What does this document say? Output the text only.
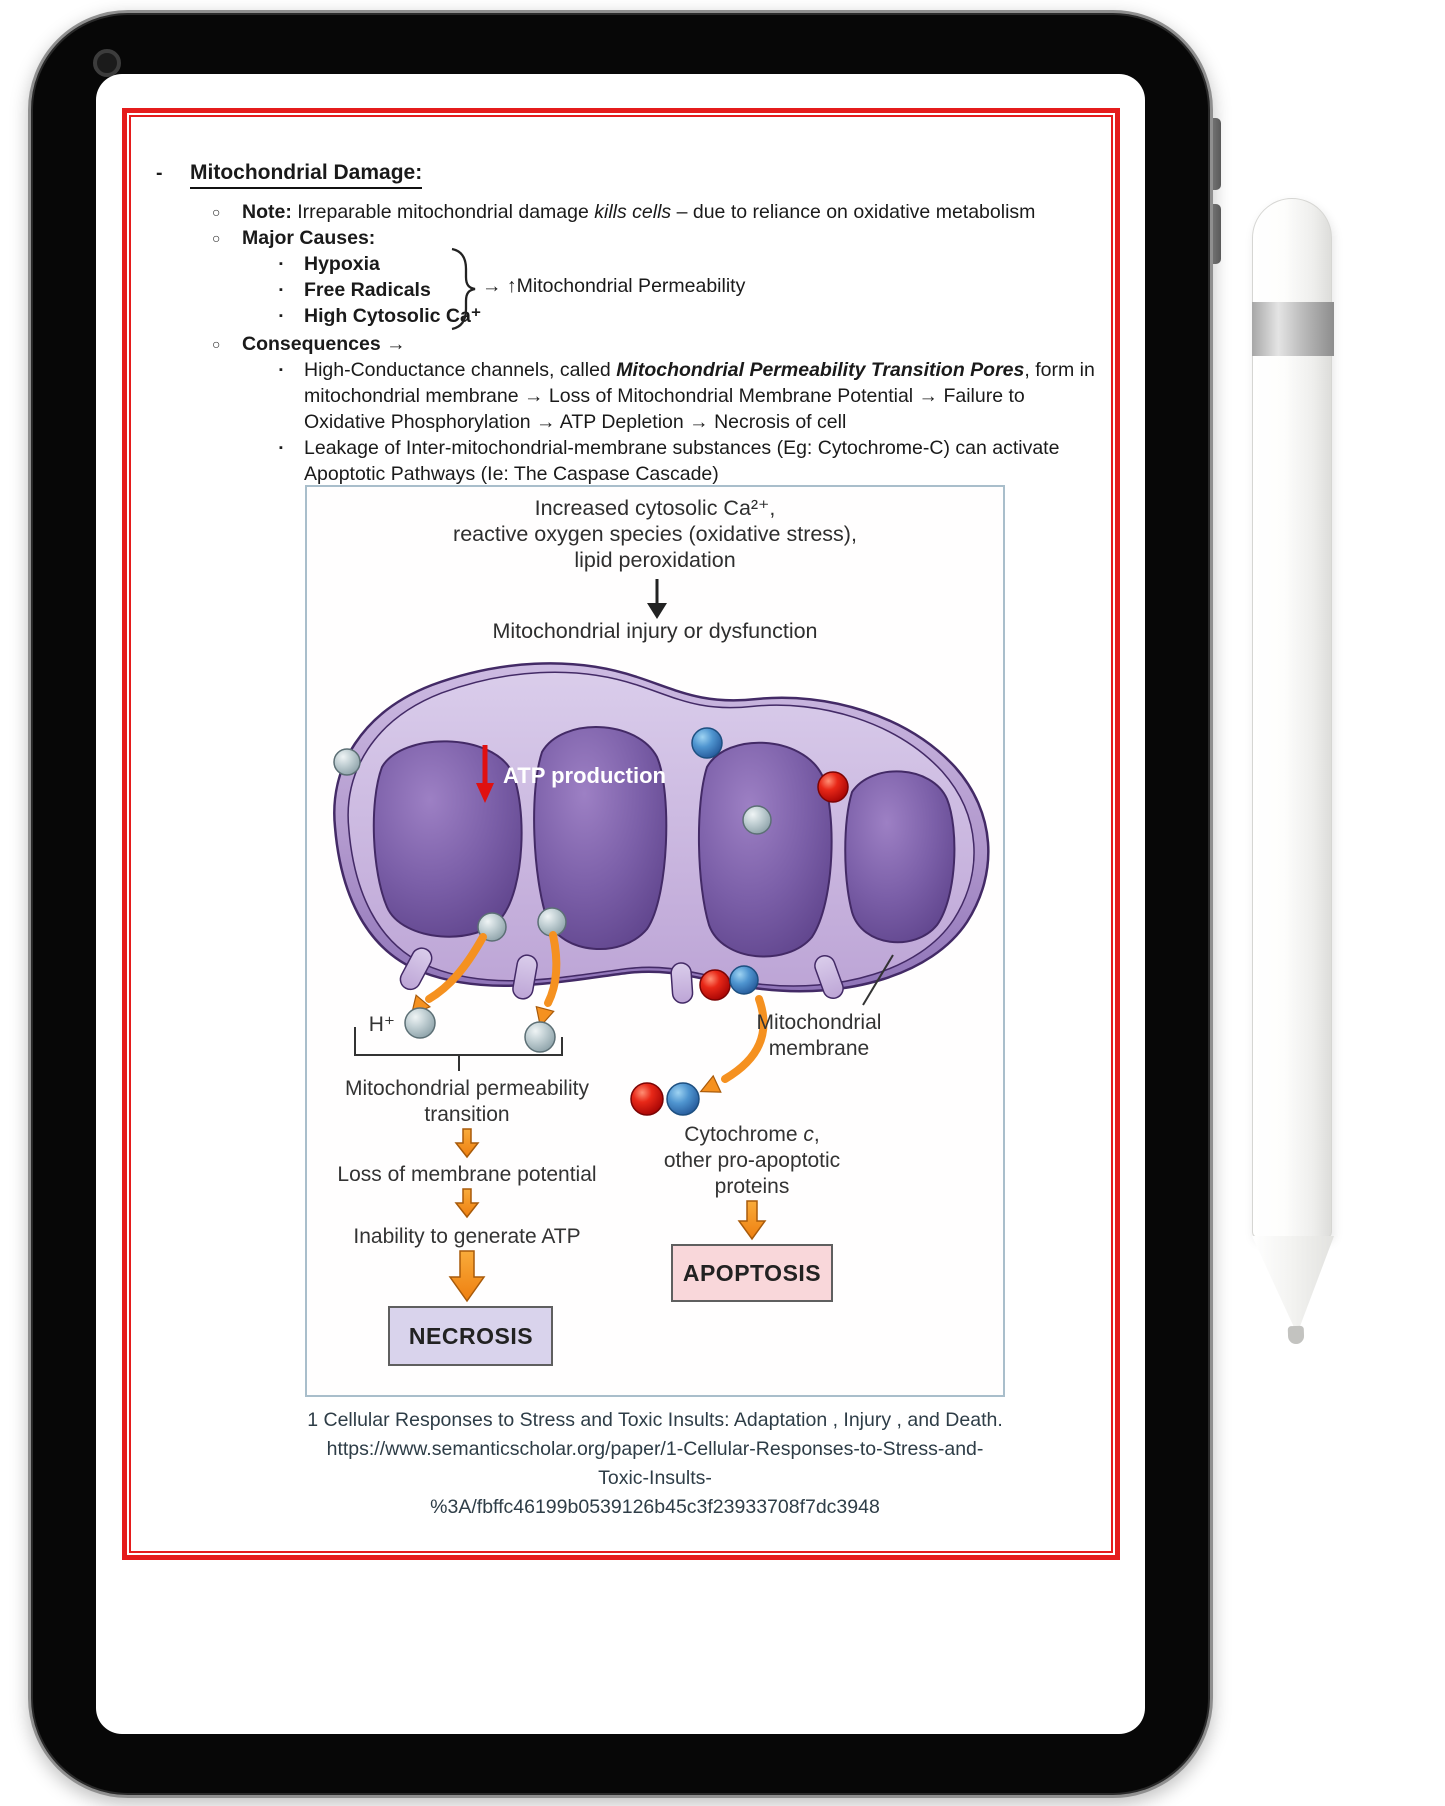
-	Mitochondrial Damage:
○	Note: Irreparable mitochondrial damage kills cells – due to reliance on oxidative metabolism

○	Major Causes:

▪	Hypoxia

▪	Free Radicals

▪	High Cytosolic Ca⁺

→ ↑Mitochondrial Permeability
○	Consequences →

▪	High-Conductance channels, called Mitochondrial Permeability Transition Pores, form in mitochondrial membrane → Loss of Mitochondrial Membrane Potential → Failure to Oxidative Phosphorylation → ATP Depletion → Necrosis of cell

▪	Leakage of Inter-mitochondrial-membrane substances (Eg: Cytochrome-C) can activate Apoptotic Pathways (Ie: The Caspase Cascade)

Increased cytosolic Ca²⁺,
reactive oxygen species (oxidative stress),
lipid peroxidation
Mitochondrial injury or dysfunction
ATP production
H⁺
Mitochondrial permeability
transition
Loss of membrane potential
Inability to generate ATP
NECROSIS
Cytochrome c,
other pro-apoptotic
proteins
APOPTOSIS
Mitochondrial
membrane
1 Cellular Responses to Stress and Toxic Insults: Adaptation , Injury , and Death.
https://www.semanticscholar.org/paper/1-Cellular-Responses-to-Stress-and-Toxic-Insults-
%3A/fbffc46199b0539126b45c3f23933708f7dc3948
